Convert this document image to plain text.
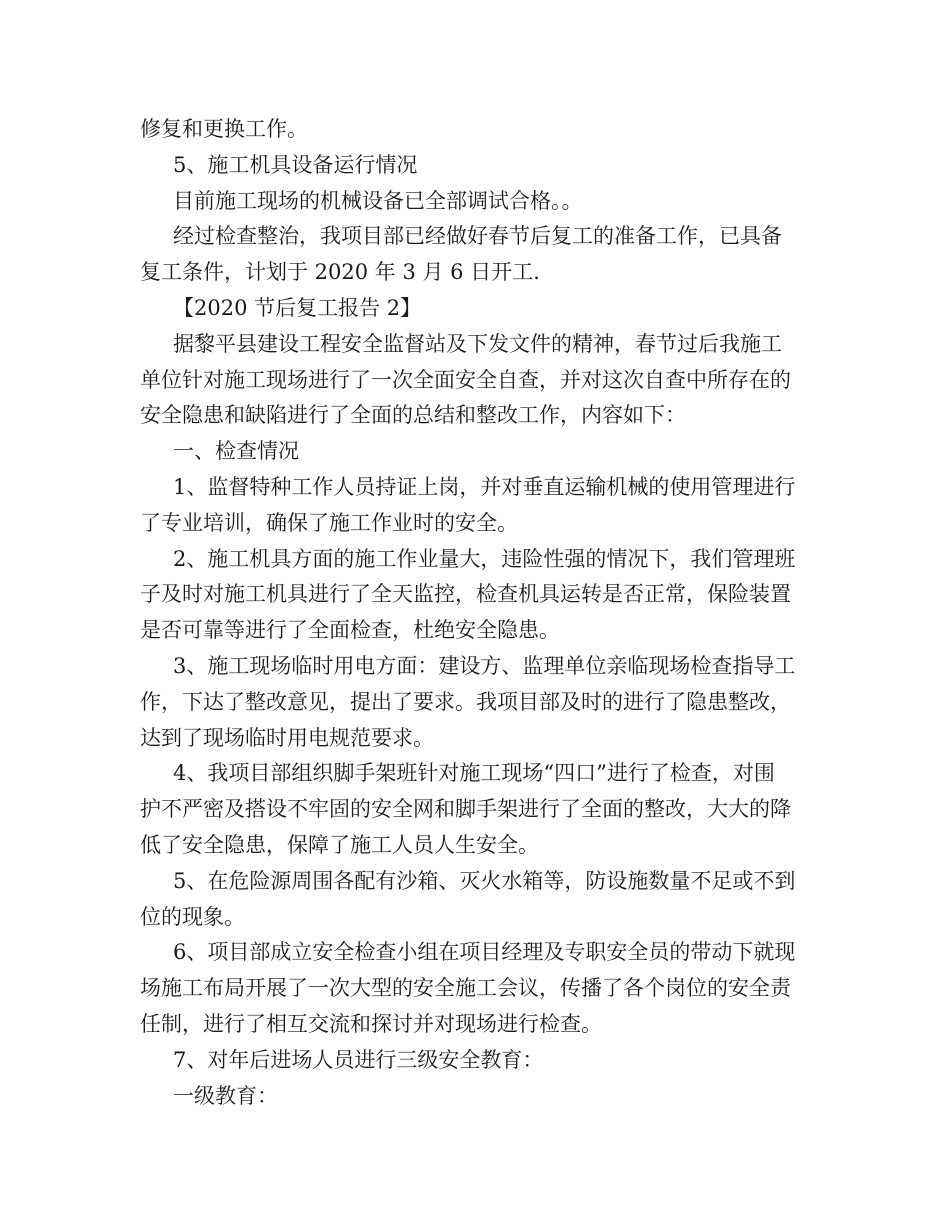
修复和更换工作。
5、施工机具设备运行情况
目前施工现场的机械设备已全部调试合格。。
经过检查整治，我项目部已经做好春节后复工的准备工作，已具备
复工条件，计划于 2020 年 3 月 6 日开工.
【2020 节后复工报告 2】
据黎平县建设工程安全监督站及下发文件的精神，春节过后我施工
单位针对施工现场进行了一次全面安全自查，并对这次自查中所存在的
安全隐患和缺陷进行了全面的总结和整改工作，内容如下：
一、检查情况
1、监督特种工作人员持证上岗，并对垂直运输机械的使用管理进行
了专业培训，确保了施工作业时的安全。
2、施工机具方面的施工作业量大，违险性强的情况下，我们管理班
子及时对施工机具进行了全天监控，检查机具运转是否正常，保险装置
是否可靠等进行了全面检查，杜绝安全隐患。
3、施工现场临时用电方面：建设方、监理单位亲临现场检查指导工
作，下达了整改意见，提出了要求。我项目部及时的进行了隐患整改，
达到了现场临时用电规范要求。
4、我项目部组织脚手架班针对施工现场“四口”进行了检查，对围
护不严密及搭设不牢固的安全网和脚手架进行了全面的整改，大大的降
低了安全隐患，保障了施工人员人生安全。
5、在危险源周围各配有沙箱、灭火水箱等，防设施数量不足或不到
位的现象。
6、项目部成立安全检查小组在项目经理及专职安全员的带动下就现
场施工布局开展了一次大型的安全施工会议，传播了各个岗位的安全责
任制，进行了相互交流和探讨并对现场进行检查。
7、对年后进场人员进行三级安全教育：
一级教育：
